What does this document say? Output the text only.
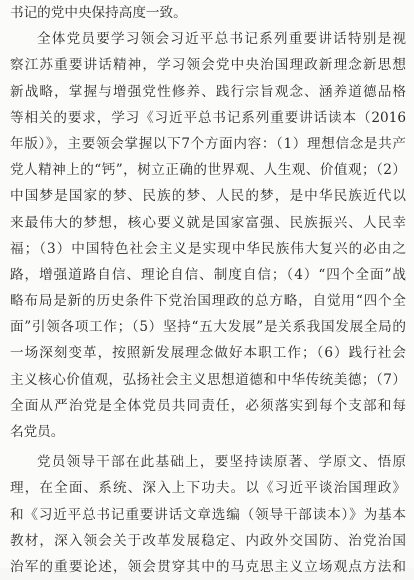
书记的党中央保持高度一致。
全体党员要学习领会习近平总书记系列重要讲话特别是视
察江苏重要讲话精神，学习领会党中央治国理政新理念新思想
新战略，掌握与增强党性修养、践行宗旨观念、涵养道德品格
等相关的要求，学习《习近平总书记系列重要讲话读本（2016
年版）》，主要领会掌握以下7个方面内容：（1）理想信念是共产
党人精神上的“钙”，树立正确的世界观、人生观、价值观；（2）
中国梦是国家的梦、民族的梦、人民的梦，是中华民族近代以
来最伟大的梦想，核心要义就是国家富强、民族振兴、人民幸
福；（3）中国特色社会主义是实现中华民族伟大复兴的必由之
路，增强道路自信、理论自信、制度自信；（4）“四个全面”战
略布局是新的历史条件下党治国理政的总方略，自觉用“四个全
面”引领各项工作；（5）坚持“五大发展”是关系我国发展全局的
一场深刻变革，按照新发展理念做好本职工作；（6）践行社会
主义核心价值观，弘扬社会主义思想道德和中华传统美德；（7）
全面从严治党是全体党员共同责任，必须落实到每个支部和每
名党员。
党员领导干部在此基础上，要坚持读原著、学原文、悟原
理，在全面、系统、深入上下功夫。以《习近平谈治国理政》
和《习近平总书记重要讲话文章选编（领导干部读本）》为基本
教材，深入领会关于改革发展稳定、内政外交国防、治党治国
治军的重要论述，领会贯穿其中的马克思主义立场观点方法和
